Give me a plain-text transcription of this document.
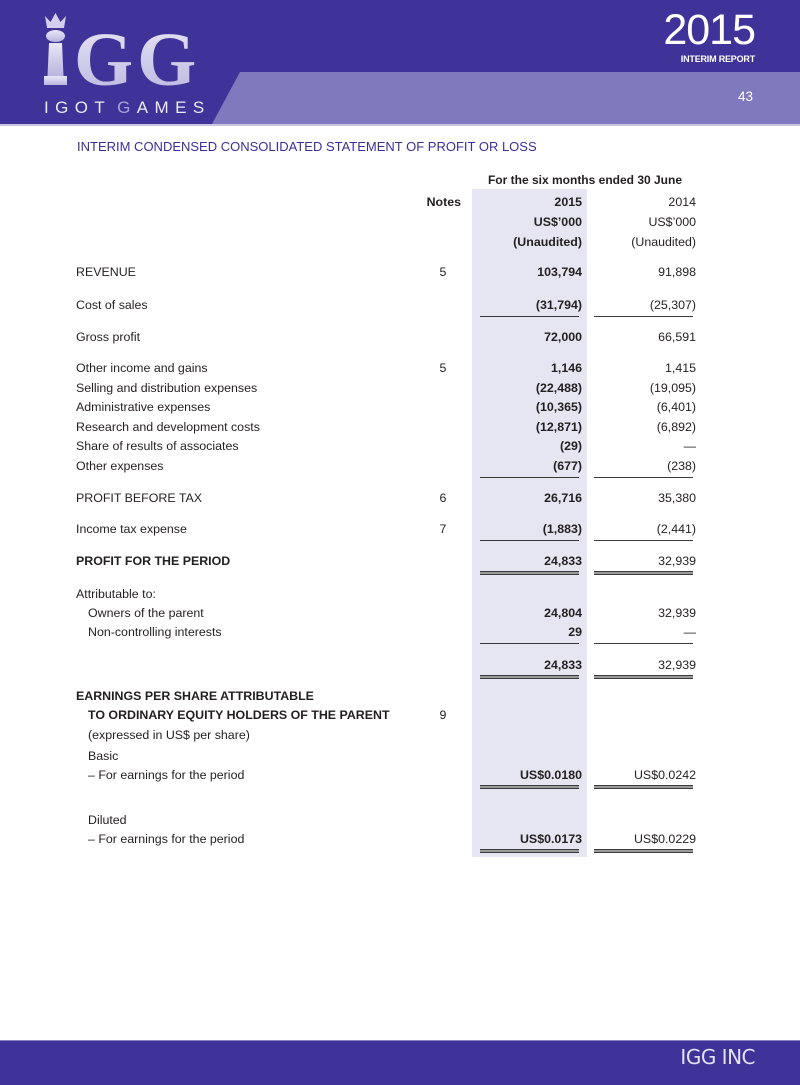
GG
IGOT GAMES
2015
INTERIM REPORT
43
INTERIM CONDENSED CONSOLIDATED STATEMENT OF PROFIT OR LOSS
For the six months ended 30 June
Notes	2015	2014
US$’000	US$’000
(Unaudited)	(Unaudited)
REVENUE	5	103,794	91,898
Cost of sales	(31,794)	(25,307)
Gross profit	72,000	66,591
Other income and gains	5	1,146	1,415
Selling and distribution expenses	(22,488)	(19,095)
Administrative expenses	(10,365)	(6,401)
Research and development costs	(12,871)	(6,892)
Share of results of associates	(29)	—
Other expenses	(677)	(238)
PROFIT BEFORE TAX	6	26,716	35,380
Income tax expense	7	(1,883)	(2,441)
PROFIT FOR THE PERIOD	24,833	32,939
Attributable to:
Owners of the parent	24,804	32,939
Non-controlling interests	29	—
24,833	32,939
EARNINGS PER SHARE ATTRIBUTABLE
TO ORDINARY EQUITY HOLDERS OF THE PARENT	9
(expressed in US$ per share)
Basic
– For earnings for the period	US$0.0180	US$0.0242
Diluted
– For earnings for the period	US$0.0173	US$0.0229
IGG INC
